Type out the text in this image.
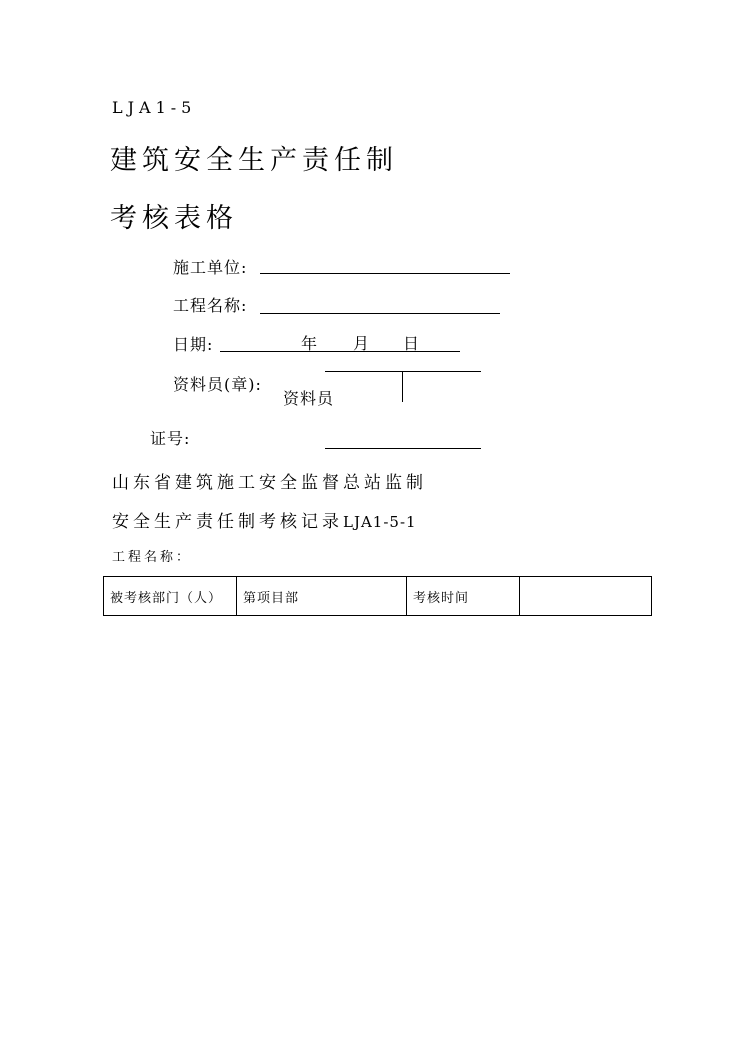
LJA1-5
建筑安全生产责任制
考核表格
施工单位:
工程名称:
日期:	年 月 日
资料员(章):
资料员
证号:
山东省建筑施工安全监督总站监制
安全生产责任制考核记录LJA1-5-1
工程名称：
被考核部门（人）	第项目部	考核时间	
